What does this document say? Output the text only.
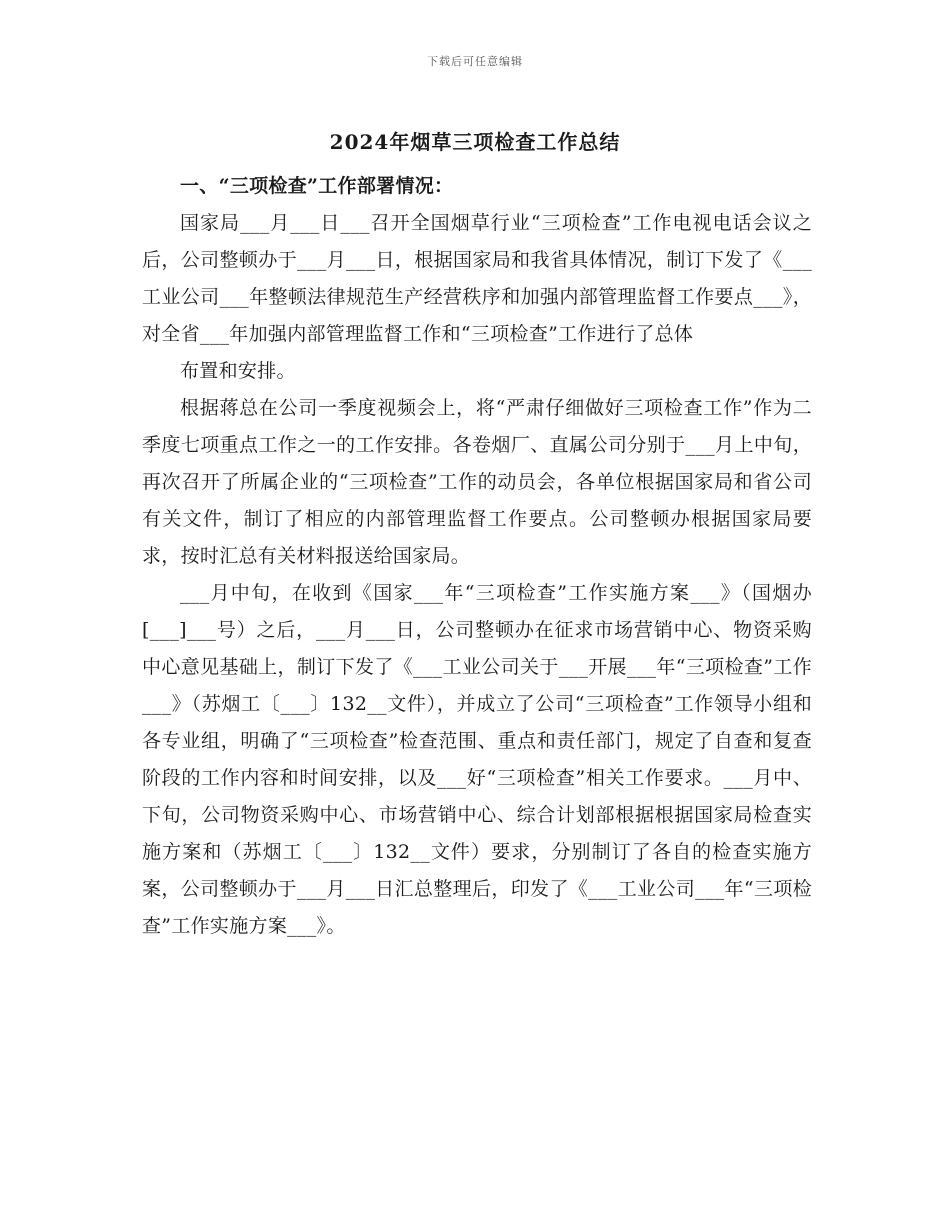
下载后可任意编辑
2024年烟草三项检查工作总结

一、“三项检查”工作部署情况：

国家局___月___日___召开全国烟草行业“三项检查”工作电视电话会议之后，公司整顿办于___月___日，根据国家局和我省具体情况，制订下发了《___工业公司___年整顿法律规范生产经营秩序和加强内部管理监督工作要点___》，对全省___年加强内部管理监督工作和“三项检查”工作进行了总体

布置和安排。

根据蒋总在公司一季度视频会上，将“严肃仔细做好三项检查工作”作为二季度七项重点工作之一的工作安排。各卷烟厂、直属公司分别于___月上中旬，再次召开了所属企业的“三项检查”工作的动员会，各单位根据国家局和省公司有关文件，制订了相应的内部管理监督工作要点。公司整顿办根据国家局要求，按时汇总有关材料报送给国家局。

___月中旬，在收到《国家___年“三项检查”工作实施方案___》（国烟办[___]___号）之后，___月___日，公司整顿办在征求市场营销中心、物资采购中心意见基础上，制订下发了《___工业公司关于___开展___年“三项检查”工作___》（苏烟工〔___〕132__文件），并成立了公司“三项检查”工作领导小组和各专业组，明确了“三项检查”检查范围、重点和责任部门，规定了自查和复查阶段的工作内容和时间安排，以及___好“三项检查”相关工作要求。___月中、下旬，公司物资采购中心、市场营销中心、综合计划部根据根据国家局检查实施方案和（苏烟工〔___〕132__文件）要求，分别制订了各自的检查实施方案，公司整顿办于___月___日汇总整理后，印发了《___工业公司___年“三项检查”工作实施方案___》。
